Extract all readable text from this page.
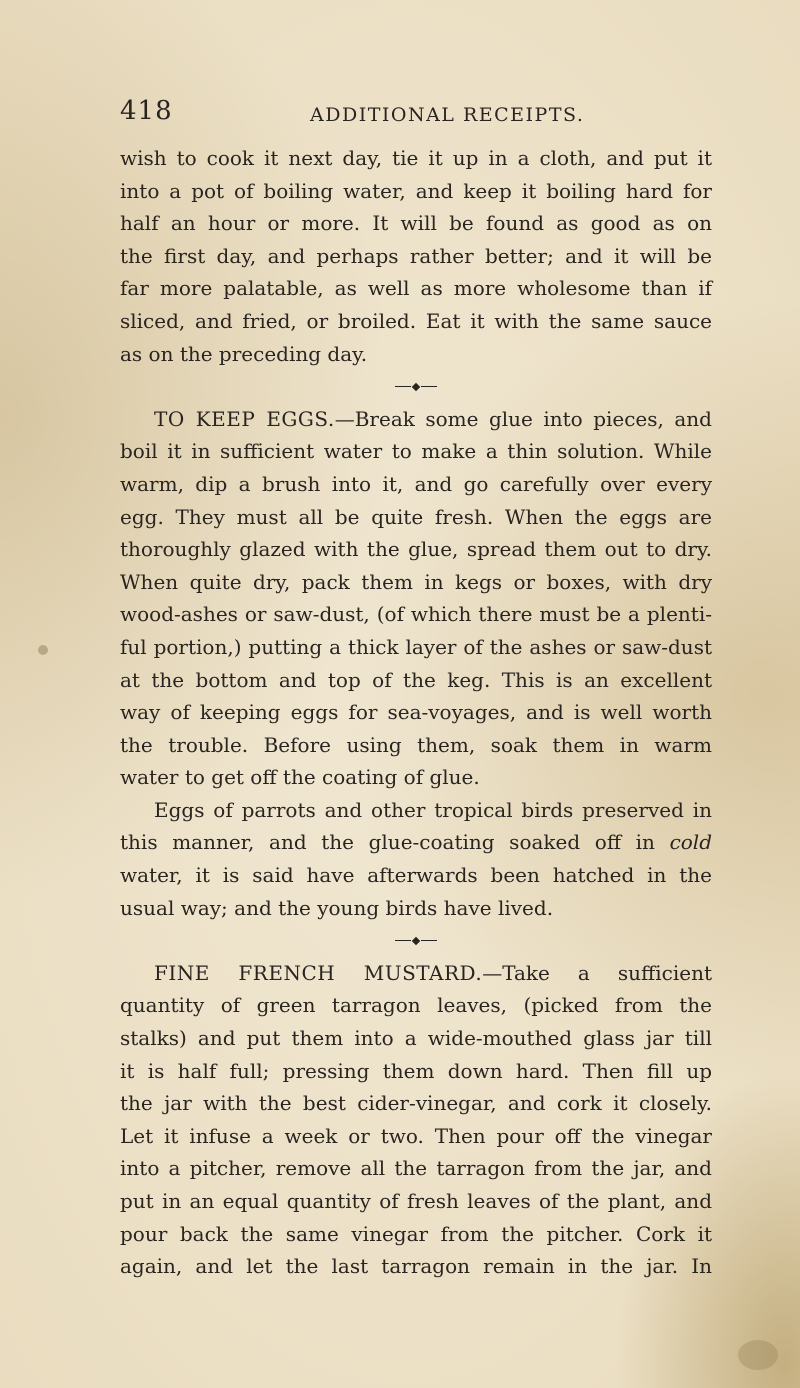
418	ADDITIONAL RECEIPTS.
wish to cook it next day, tie it up in a cloth, and put it
into a pot of boiling water, and keep it boiling hard for
half an hour or more. It will be found as good as on
the first day, and perhaps rather better; and it will be
far more palatable, as well as more wholesome than if
sliced, and fried, or broiled. Eat it with the same sauce
as on the preceding day.
TO KEEP EGGS.—Break some glue into pieces, and
boil it in sufficient water to make a thin solution. While
warm, dip a brush into it, and go carefully over every
egg. They must all be quite fresh. When the eggs are
thoroughly glazed with the glue, spread them out to dry.
When quite dry, pack them in kegs or boxes, with dry
wood-ashes or saw-dust, (of which there must be a plenti-
ful portion,) putting a thick layer of the ashes or saw-dust
at the bottom and top of the keg. This is an excellent
way of keeping eggs for sea-voyages, and is well worth
the trouble. Before using them, soak them in warm
water to get off the coating of glue.
Eggs of parrots and other tropical birds preserved in
this manner, and the glue-coating soaked off in cold
water, it is said have afterwards been hatched in the
usual way; and the young birds have lived.
FINE FRENCH MUSTARD.—Take a sufficient
quantity of green tarragon leaves, (picked from the
stalks) and put them into a wide-mouthed glass jar till
it is half full; pressing them down hard. Then fill up
the jar with the best cider-vinegar, and cork it closely.
Let it infuse a week or two. Then pour off the vinegar
into a pitcher, remove all the tarragon from the jar, and
put in an equal quantity of fresh leaves of the plant, and
pour back the same vinegar from the pitcher. Cork it
again, and let the last tarragon remain in the jar. In
